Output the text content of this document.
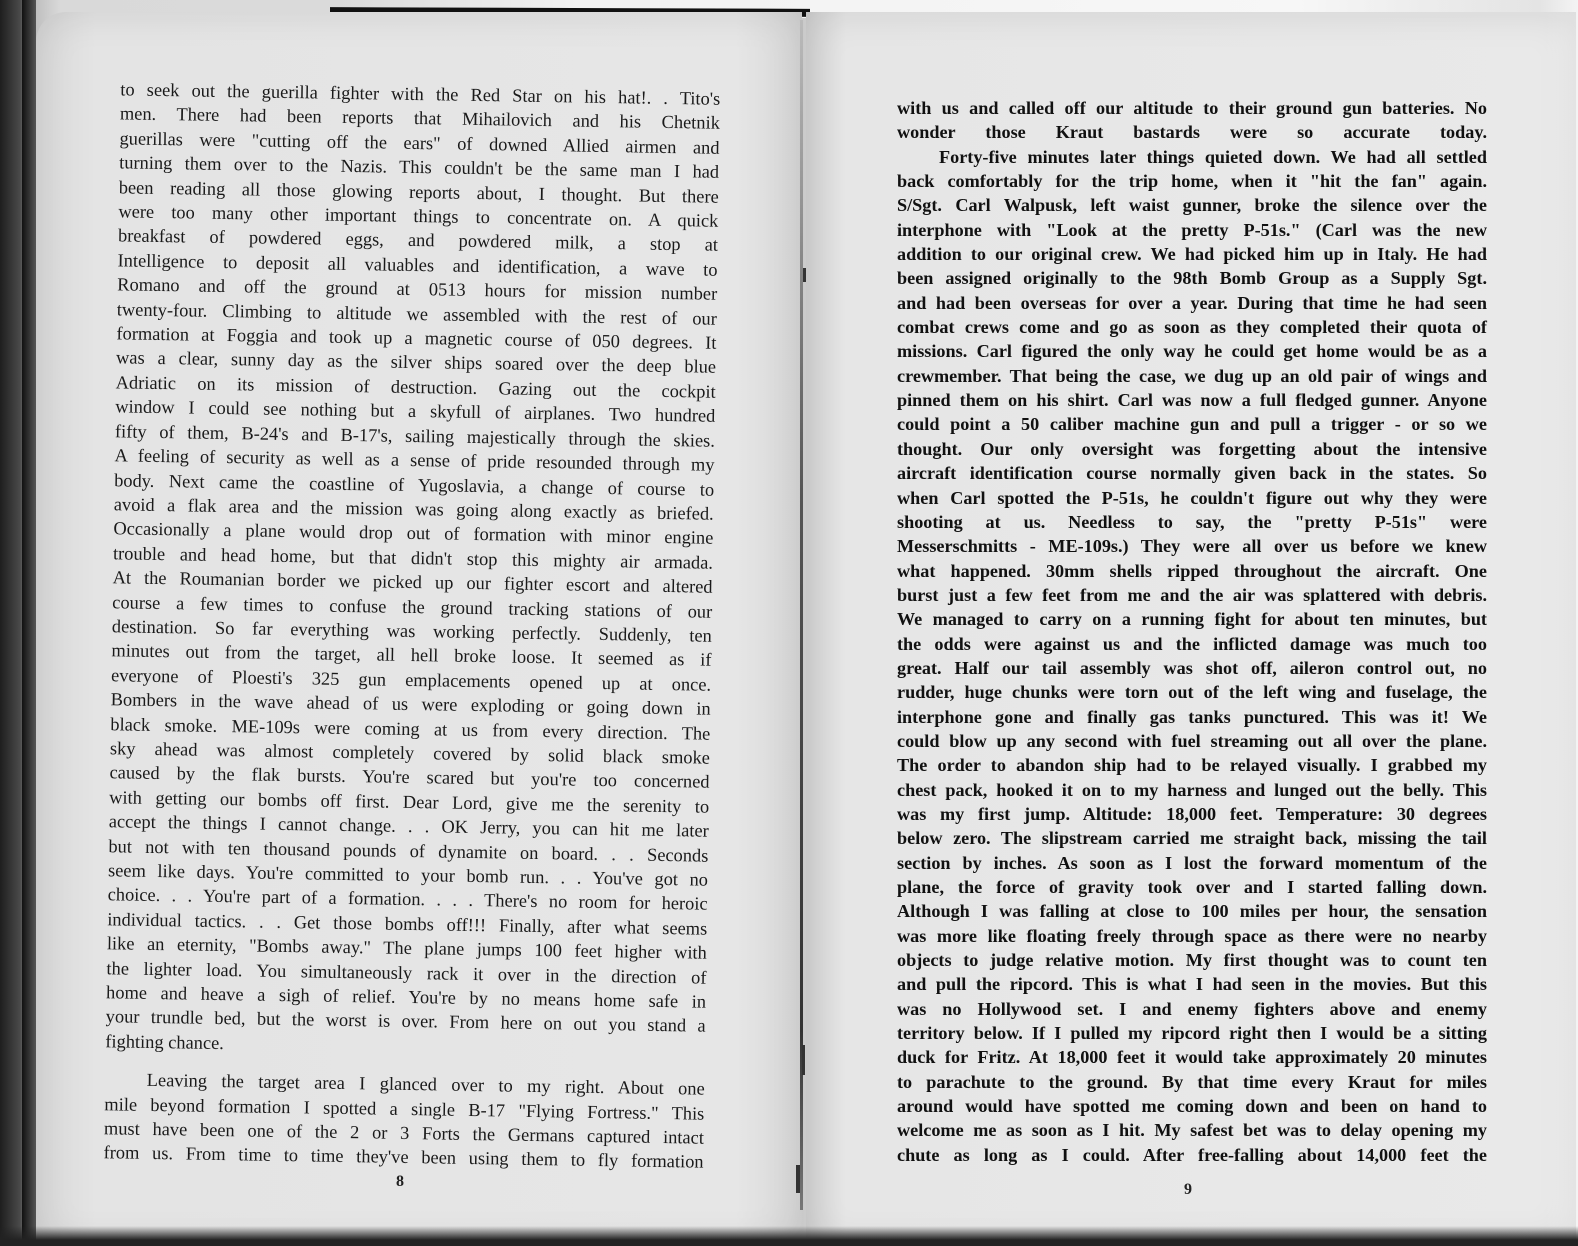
to seek out the guerilla fighter with the Red Star on his hat!. . Tito's
men. There had been reports that Mihailovich and his Chetnik
guerillas were "cutting off the ears" of downed Allied airmen and
turning them over to the Nazis. This couldn't be the same man I had
been reading all those glowing reports about, I thought. But there
were too many other important things to concentrate on. A quick
breakfast of powdered eggs, and powdered milk, a stop at
Intelligence to deposit all valuables and identification, a wave to
Romano and off the ground at 0513 hours for mission number
twenty-four. Climbing to altitude we assembled with the rest of our
formation at Foggia and took up a magnetic course of 050 degrees. It
was a clear, sunny day as the silver ships soared over the deep blue
Adriatic on its mission of destruction. Gazing out the cockpit
window I could see nothing but a skyfull of airplanes. Two hundred
fifty of them, B-24's and B-17's, sailing majestically through the skies.
A feeling of security as well as a sense of pride resounded through my
body. Next came the coastline of Yugoslavia, a change of course to
avoid a flak area and the mission was going along exactly as briefed.
Occasionally a plane would drop out of formation with minor engine
trouble and head home, but that didn't stop this mighty air armada.
At the Roumanian border we picked up our fighter escort and altered
course a few times to confuse the ground tracking stations of our
destination. So far everything was working perfectly. Suddenly, ten
minutes out from the target, all hell broke loose. It seemed as if
everyone of Ploesti's 325 gun emplacements opened up at once.
Bombers in the wave ahead of us were exploding or going down in
black smoke. ME-109s were coming at us from every direction. The
sky ahead was almost completely covered by solid black smoke
caused by the flak bursts. You're scared but you're too concerned
with getting our bombs off first. Dear Lord, give me the serenity to
accept the things I cannot change. . . OK Jerry, you can hit me later
but not with ten thousand pounds of dynamite on board. . . Seconds
seem like days. You're committed to your bomb run. . . You've got no
choice. . . You're part of a formation. . . . There's no room for heroic
individual tactics. . . Get those bombs off!!! Finally, after what seems
like an eternity, "Bombs away." The plane jumps 100 feet higher with
the lighter load. You simultaneously rack it over in the direction of
home and heave a sigh of relief. You're by no means home safe in
your trundle bed, but the worst is over. From here on out you stand a
fighting chance.
Leaving the target area I glanced over to my right. About one
mile beyond formation I spotted a single B-17 "Flying Fortress." This
must have been one of the 2 or 3 Forts the Germans captured intact
from us. From time to time they've been using them to fly formation
8
with us and called off our altitude to their ground gun batteries. No
wonder those Kraut bastards were so accurate today.
Forty-five minutes later things quieted down. We had all settled
back comfortably for the trip home, when it "hit the fan" again.
S/Sgt. Carl Walpusk, left waist gunner, broke the silence over the
interphone with "Look at the pretty P-51s." (Carl was the new
addition to our original crew. We had picked him up in Italy. He had
been assigned originally to the 98th Bomb Group as a Supply Sgt.
and had been overseas for over a year. During that time he had seen
combat crews come and go as soon as they completed their quota of
missions. Carl figured the only way he could get home would be as a
crewmember. That being the case, we dug up an old pair of wings and
pinned them on his shirt. Carl was now a full fledged gunner. Anyone
could point a 50 caliber machine gun and pull a trigger - or so we
thought. Our only oversight was forgetting about the intensive
aircraft identification course normally given back in the states. So
when Carl spotted the P-51s, he couldn't figure out why they were
shooting at us. Needless to say, the "pretty P-51s" were
Messerschmitts - ME-109s.) They were all over us before we knew
what happened. 30mm shells ripped throughout the aircraft. One
burst just a few feet from me and the air was splattered with debris.
We managed to carry on a running fight for about ten minutes, but
the odds were against us and the inflicted damage was much too
great. Half our tail assembly was shot off, aileron control out, no
rudder, huge chunks were torn out of the left wing and fuselage, the
interphone gone and finally gas tanks punctured. This was it! We
could blow up any second with fuel streaming out all over the plane.
The order to abandon ship had to be relayed visually. I grabbed my
chest pack, hooked it on to my harness and lunged out the belly. This
was my first jump. Altitude: 18,000 feet. Temperature: 30 degrees
below zero. The slipstream carried me straight back, missing the tail
section by inches. As soon as I lost the forward momentum of the
plane, the force of gravity took over and I started falling down.
Although I was falling at close to 100 miles per hour, the sensation
was more like floating freely through space as there were no nearby
objects to judge relative motion. My first thought was to count ten
and pull the ripcord. This is what I had seen in the movies. But this
was no Hollywood set. I and enemy fighters above and enemy
territory below. If I pulled my ripcord right then I would be a sitting
duck for Fritz. At 18,000 feet it would take approximately 20 minutes
to parachute to the ground. By that time every Kraut for miles
around would have spotted me coming down and been on hand to
welcome me as soon as I hit. My safest bet was to delay opening my
chute as long as I could. After free-falling about 14,000 feet the
9
